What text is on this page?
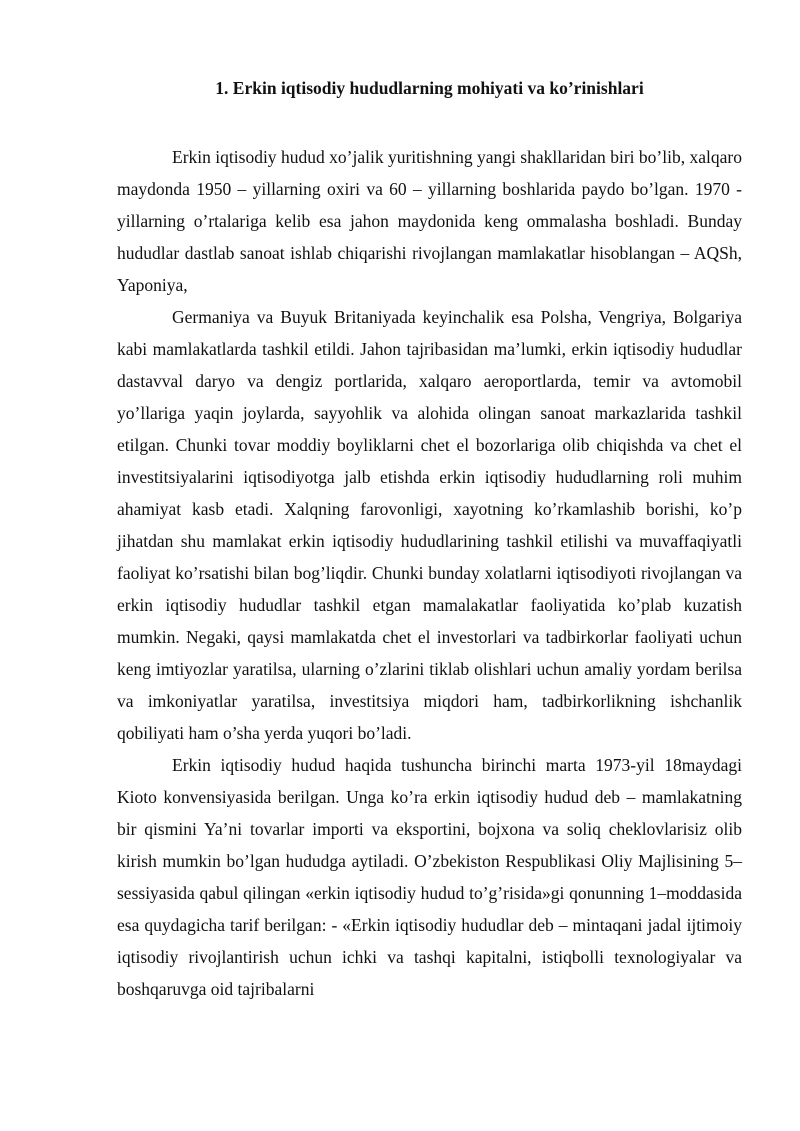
1. Erkin iqtisodiy hududlarning mohiyati va ko’rinishlari

Erkin iqtisodiy hudud xo’jalik yuritishning yangi shakllaridan biri bo’lib, xalqaro maydonda 1950 – yillarning oxiri va 60 – yillarning boshlarida paydo bo’lgan. 1970 - yillarning o’rtalariga kelib esa jahon maydonida keng ommalasha boshladi. Bunday hududlar dastlab sanoat ishlab chiqarishi rivojlangan mamlakatlar hisoblangan – AQSh, Yaponiya,

Germaniya va Buyuk Britaniyada keyinchalik esa Polsha, Vengriya, Bolgariya kabi mamlakatlarda tashkil etildi. Jahon tajribasidan ma’lumki, erkin iqtisodiy hududlar dastavval daryo va dengiz portlarida, xalqaro aeroportlarda, temir va avtomobil yo’llariga yaqin joylarda, sayyohlik va alohida olingan sanoat markazlarida tashkil etilgan. Chunki tovar moddiy boyliklarni chet el bozorlariga olib chiqishda va chet el investitsiyalarini iqtisodiyotga jalb etishda erkin iqtisodiy hududlarning roli muhim ahamiyat kasb etadi. Xalqning farovonligi, xayotning ko’rkamlashib borishi, ko’p jihatdan shu mamlakat erkin iqtisodiy hududlarining tashkil etilishi va muvaffaqiyatli faoliyat ko’rsatishi bilan bog’liqdir. Chunki bunday xolatlarni iqtisodiyoti rivojlangan va erkin iqtisodiy hududlar tashkil etgan mamalakatlar faoliyatida ko’plab kuzatish mumkin. Negaki, qaysi mamlakatda chet el investorlari va tadbirkorlar faoliyati uchun keng imtiyozlar yaratilsa, ularning o’zlarini tiklab olishlari uchun amaliy yordam berilsa va imkoniyatlar yaratilsa, investitsiya miqdori ham, tadbirkorlikning ishchanlik qobiliyati ham o’sha yerda yuqori bo’ladi.

Erkin iqtisodiy hudud haqida tushuncha birinchi marta 1973-yil 18maydagi Kioto konvensiyasida berilgan. Unga ko’ra erkin iqtisodiy hudud deb – mamlakatning bir qismini Ya’ni tovarlar importi va eksportini, bojxona va soliq cheklovlarisiz olib kirish mumkin bo’lgan hududga aytiladi. O’zbekiston Respublikasi Oliy Majlisining 5–sessiyasida qabul qilingan «erkin iqtisodiy hudud to’g’risida»gi qonunning 1–moddasida esa quydagicha tarif berilgan: - «Erkin iqtisodiy hududlar deb – mintaqani jadal ijtimoiy iqtisodiy rivojlantirish uchun ichki va tashqi kapitalni, istiqbolli texnologiyalar va boshqaruvga oid tajribalarni
